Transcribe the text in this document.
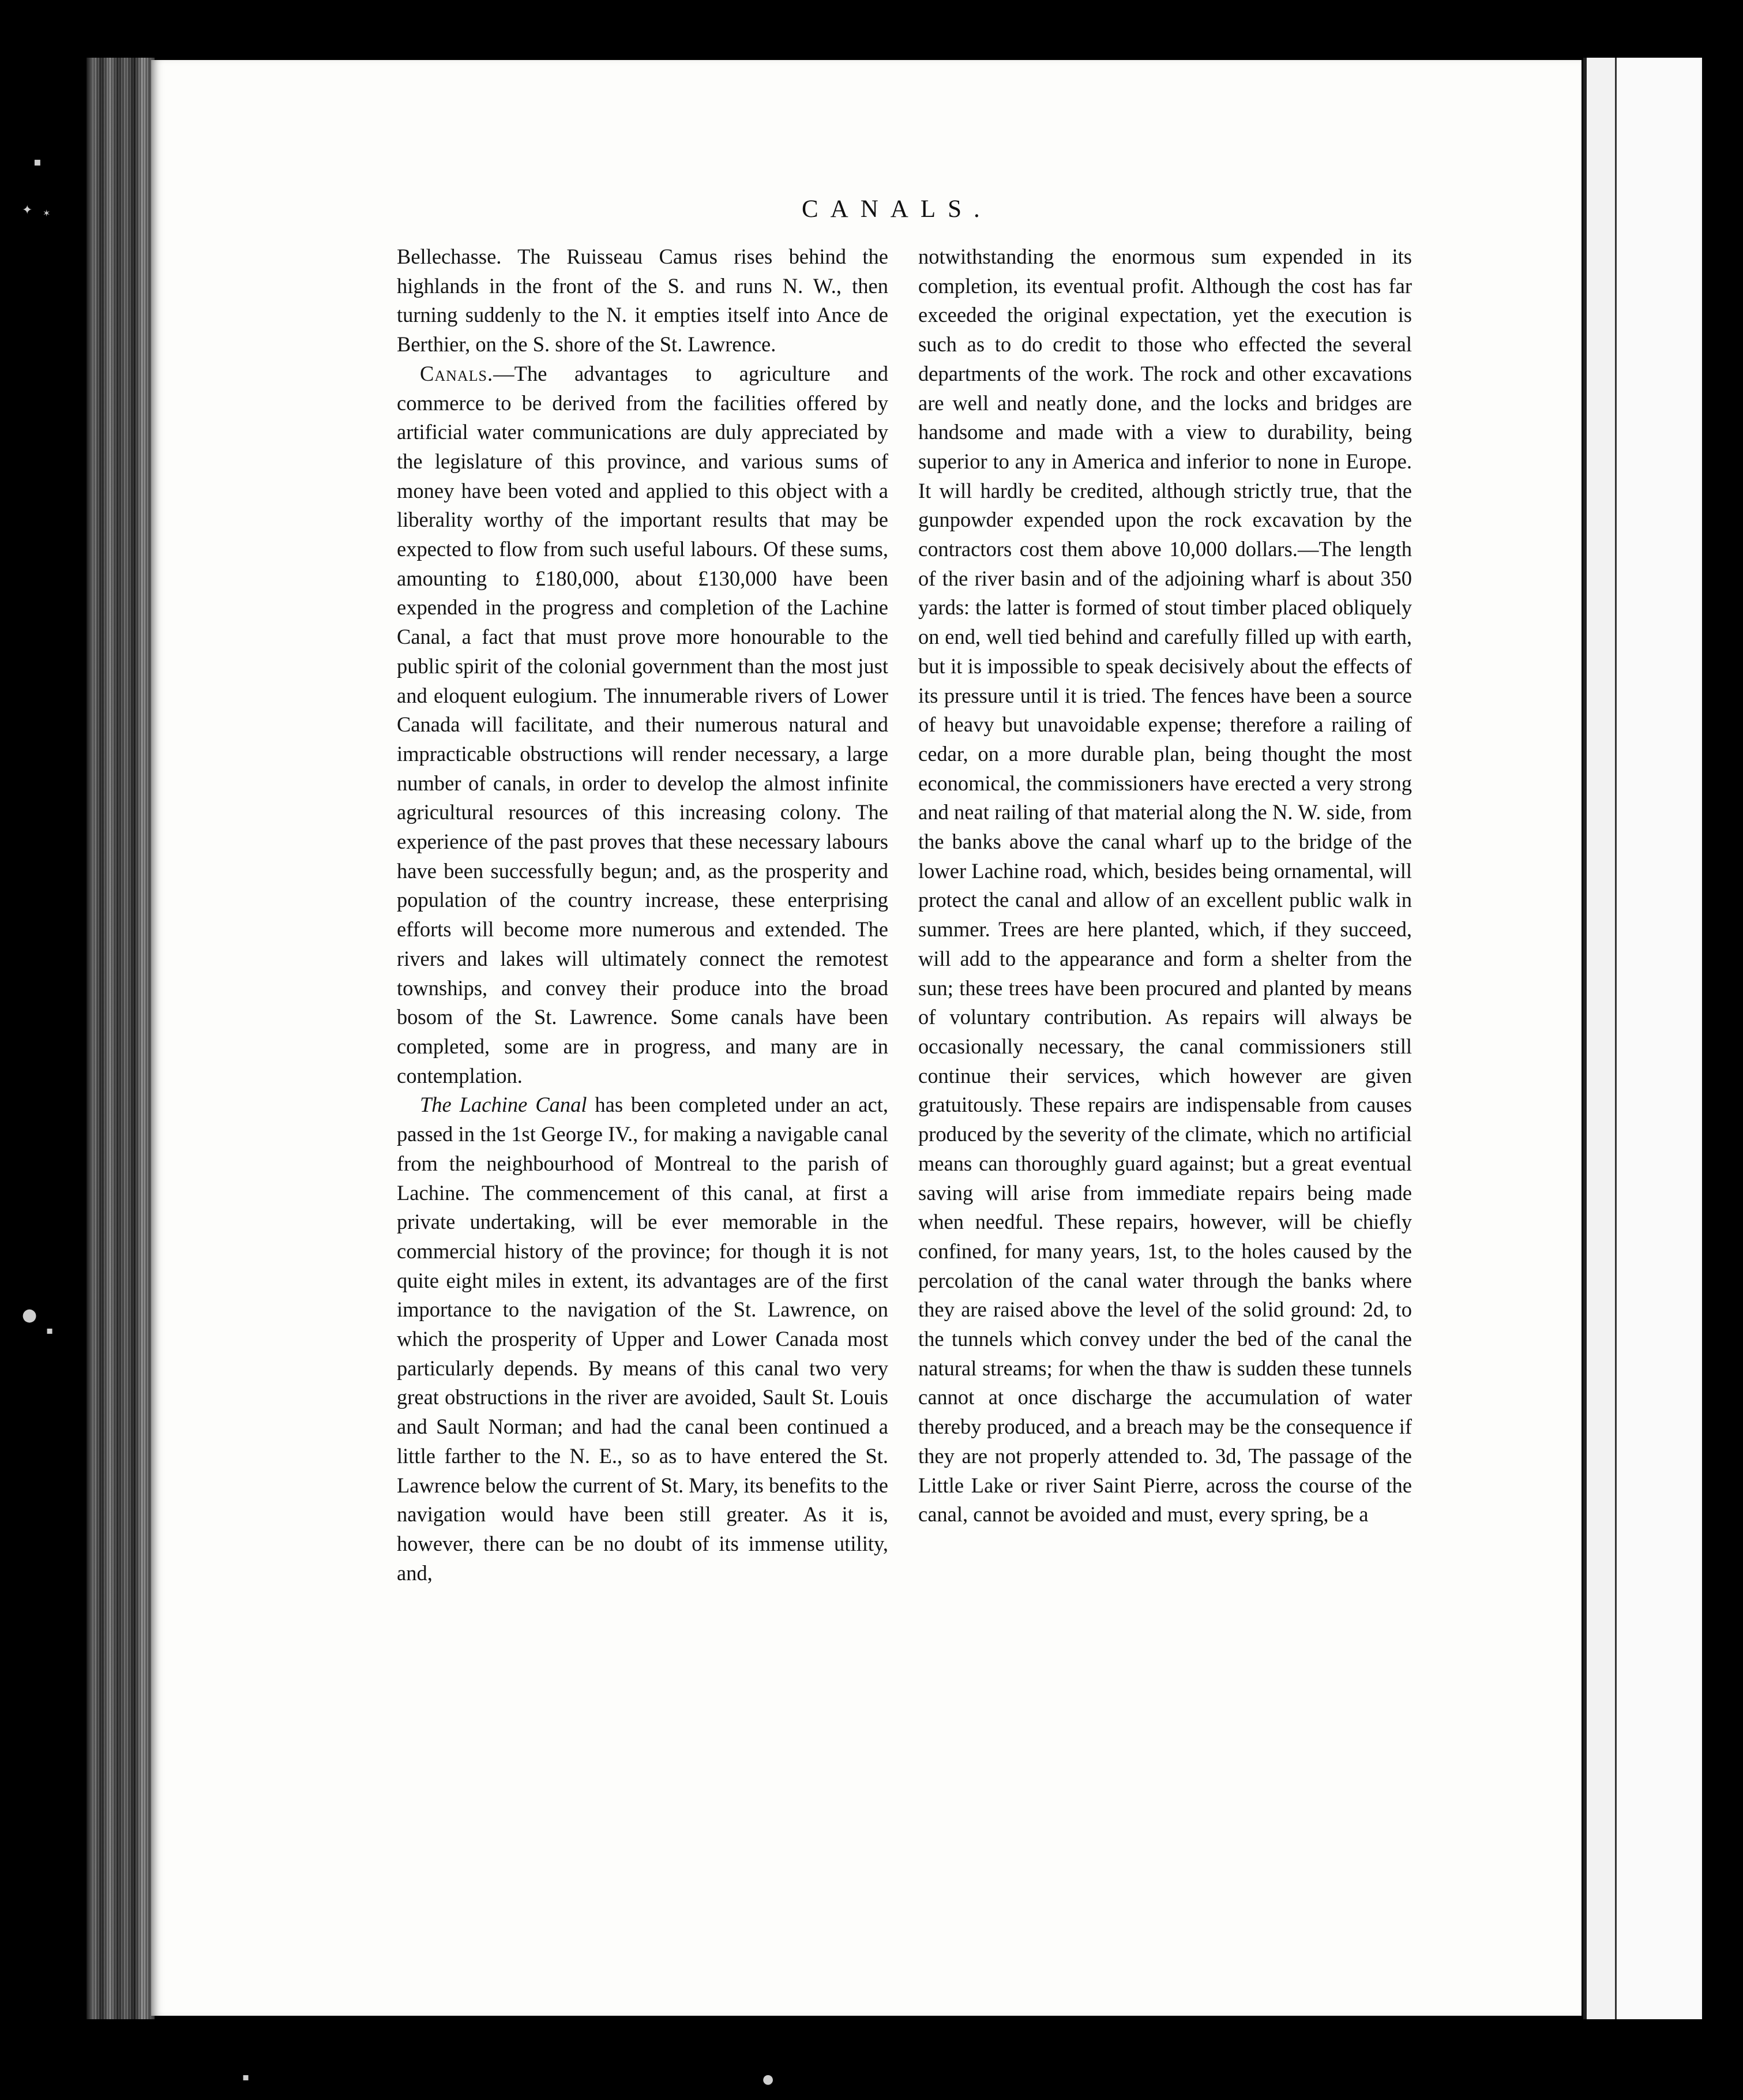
▪
✦ ✶
●
▪
▪	●
CANALS.

Bellechasse. The Ruisseau Camus rises behind the highlands in the front of the S. and runs N. W., then turning suddenly to the N. it empties itself into Ance de Berthier, on the S. shore of the St. Lawrence.

Canals.—The advantages to agriculture and commerce to be derived from the facilities offered by artificial water communications are duly appreciated by the legislature of this province, and various sums of money have been voted and applied to this object with a liberality worthy of the important results that may be expected to flow from such useful labours. Of these sums, amounting to £180,000, about £130,000 have been expended in the progress and completion of the Lachine Canal, a fact that must prove more honourable to the public spirit of the colonial government than the most just and eloquent eulogium. The innumerable rivers of Lower Canada will facilitate, and their numerous natural and impracticable obstructions will render necessary, a large number of canals, in order to develop the almost infinite agricultural resources of this increasing colony. The experience of the past proves that these necessary labours have been successfully begun; and, as the prosperity and population of the country increase, these enterprising efforts will become more numerous and extended. The rivers and lakes will ultimately connect the remotest townships, and convey their produce into the broad bosom of the St. Lawrence. Some canals have been completed, some are in progress, and many are in contemplation.

The Lachine Canal has been completed under an act, passed in the 1st George IV., for making a navigable canal from the neighbourhood of Montreal to the parish of Lachine. The commencement of this canal, at first a private undertaking, will be ever memorable in the commercial history of the province; for though it is not quite eight miles in extent, its advantages are of the first importance to the navigation of the St. Lawrence, on which the prosperity of Upper and Lower Canada most particularly depends. By means of this canal two very great obstructions in the river are avoided, Sault St. Louis and Sault Norman; and had the canal been continued a little farther to the N. E., so as to have entered the St. Lawrence below the current of St. Mary, its benefits to the navigation would have been still greater. As it is, however, there can be no doubt of its immense utility, and,

notwithstanding the enormous sum expended in its completion, its eventual profit. Although the cost has far exceeded the original expectation, yet the execution is such as to do credit to those who effected the several departments of the work. The rock and other excavations are well and neatly done, and the locks and bridges are handsome and made with a view to durability, being superior to any in America and inferior to none in Europe. It will hardly be credited, although strictly true, that the gunpowder expended upon the rock excavation by the contractors cost them above 10,000 dollars.—The length of the river basin and of the adjoining wharf is about 350 yards: the latter is formed of stout timber placed obliquely on end, well tied behind and carefully filled up with earth, but it is impossible to speak decisively about the effects of its pressure until it is tried. The fences have been a source of heavy but unavoidable expense; therefore a railing of cedar, on a more durable plan, being thought the most economical, the commissioners have erected a very strong and neat railing of that material along the N. W. side, from the banks above the canal wharf up to the bridge of the lower Lachine road, which, besides being ornamental, will protect the canal and allow of an excellent public walk in summer. Trees are here planted, which, if they succeed, will add to the appearance and form a shelter from the sun; these trees have been procured and planted by means of voluntary contribution. As repairs will always be occasionally necessary, the canal commissioners still continue their services, which however are given gratuitously. These repairs are indispensable from causes produced by the severity of the climate, which no artificial means can thoroughly guard against; but a great eventual saving will arise from immediate repairs being made when needful. These repairs, however, will be chiefly confined, for many years, 1st, to the holes caused by the percolation of the canal water through the banks where they are raised above the level of the solid ground: 2d, to the tunnels which convey under the bed of the canal the natural streams; for when the thaw is sudden these tunnels cannot at once discharge the accumulation of water thereby produced, and a breach may be the consequence if they are not properly attended to. 3d, The passage of the Little Lake or river Saint Pierre, across the course of the canal, cannot be avoided and must, every spring, be a
